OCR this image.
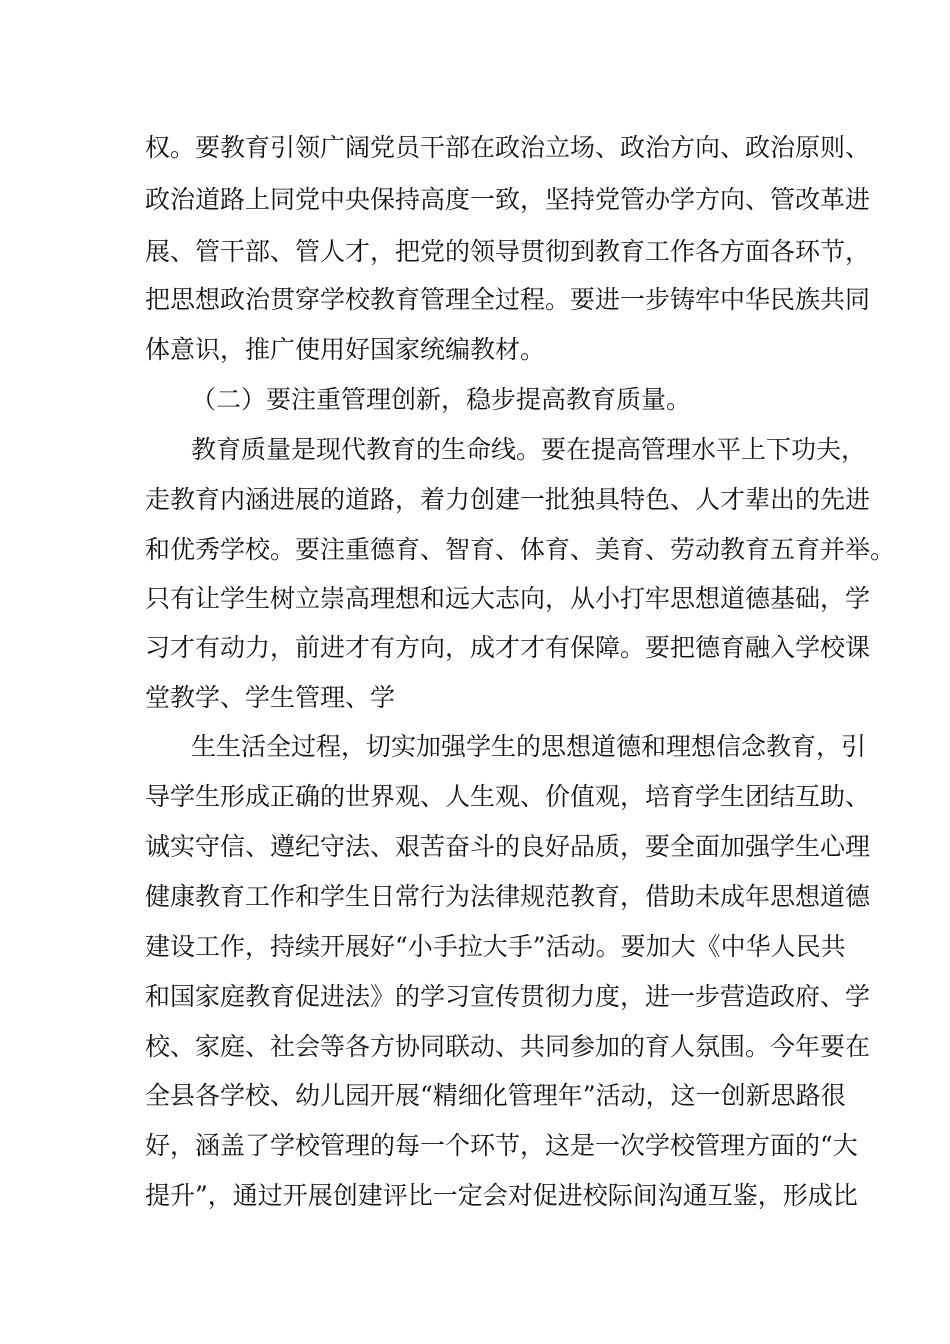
权。要教育引领广阔党员干部在政治立场、政治方向、政治原则、
政治道路上同党中央保持高度一致，坚持党管办学方向、管改革进
展、管干部、管人才，把党的领导贯彻到教育工作各方面各环节，
把思想政治贯穿学校教育管理全过程。要进一步铸牢中华民族共同
体意识，推广使用好国家统编教材。
（二）要注重管理创新，稳步提高教育质量。
教育质量是现代教育的生命线。要在提高管理水平上下功夫，
走教育内涵进展的道路，着力创建一批独具特色、人才辈出的先进
和优秀学校。要注重德育、智育、体育、美育、劳动教育五育并举。
只有让学生树立崇高理想和远大志向，从小打牢思想道德基础，学
习才有动力，前进才有方向，成才才有保障。要把德育融入学校课
堂教学、学生管理、学
生生活全过程，切实加强学生的思想道德和理想信念教育，引
导学生形成正确的世界观、人生观、价值观，培育学生团结互助、
诚实守信、遵纪守法、艰苦奋斗的良好品质，要全面加强学生心理
健康教育工作和学生日常行为法律规范教育，借助未成年思想道德
建设工作，持续开展好“小手拉大手”活动。要加大《中华人民共
和国家庭教育促进法》的学习宣传贯彻力度，进一步营造政府、学
校、家庭、社会等各方协同联动、共同参加的育人氛围。今年要在
全县各学校、幼儿园开展“精细化管理年”活动，这一创新思路很
好，涵盖了学校管理的每一个环节，这是一次学校管理方面的“大
提升”，通过开展创建评比一定会对促进校际间沟通互鉴，形成比
